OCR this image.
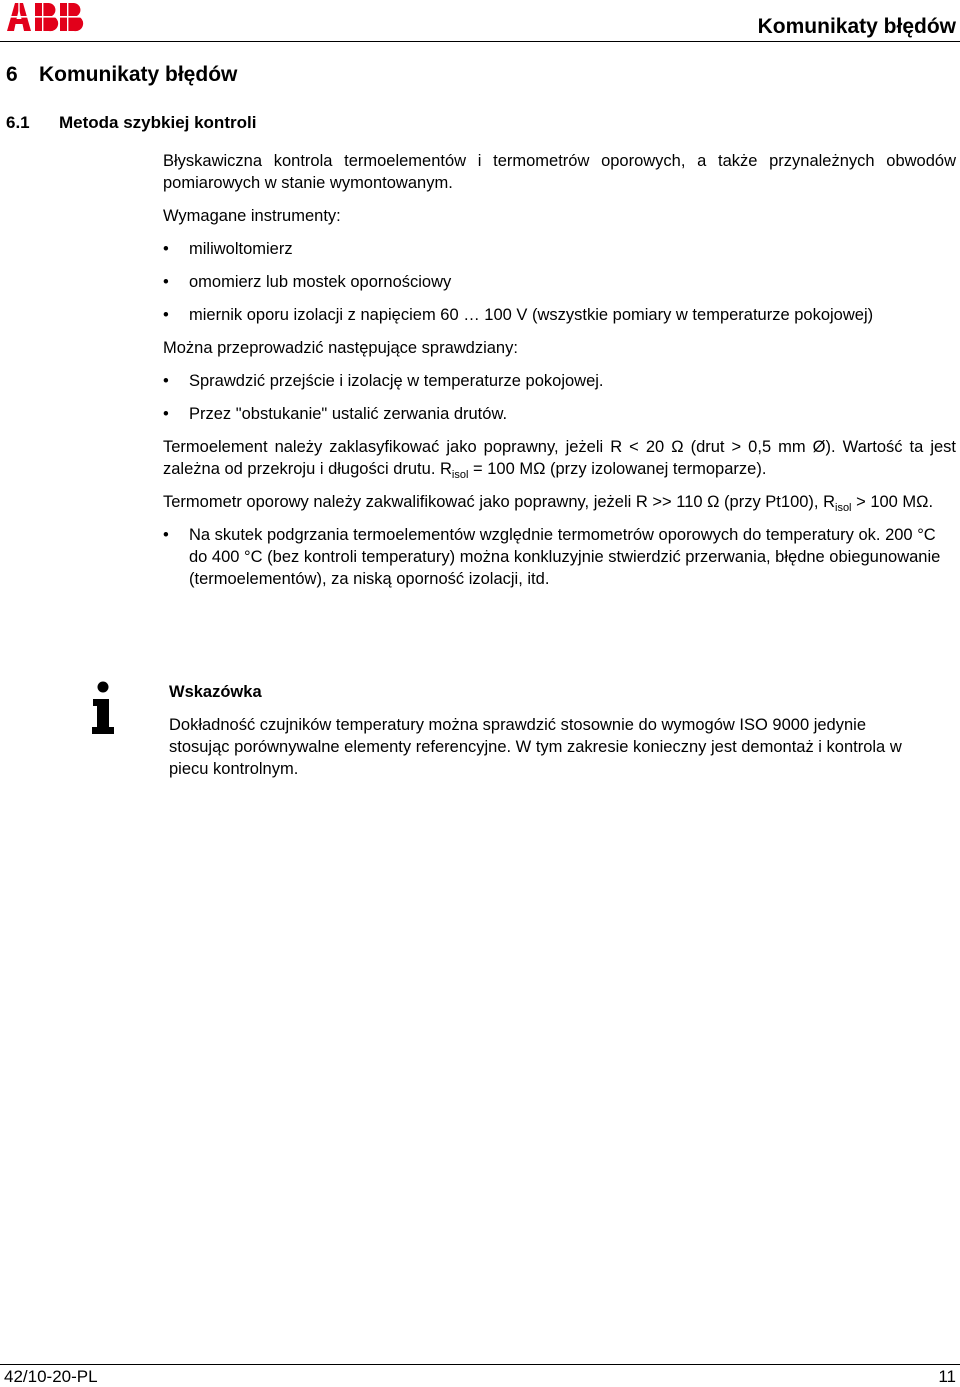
Komunikaty błędów
6 Komunikaty błędów
6.1 Metoda szybkiej kontroli

Błyskawiczna kontrola termoelementów i termometrów oporowych, a także przynależnych obwodów pomiarowych w stanie wymontowanym.

Wymagane instrumenty:

• miliwoltomierz

• omomierz lub mostek opornościowy

• miernik oporu izolacji z napięciem 60 … 100 V (wszystkie pomiary w temperaturze pokojowej)

Można przeprowadzić następujące sprawdziany:

• Sprawdzić przejście i izolację w temperaturze pokojowej.

• Przez "obstukanie" ustalić zerwania drutów.

Termoelement należy zaklasyfikować jako poprawny, jeżeli R < 20 Ω (drut > 0,5 mm Ø). Wartość ta jest zależna od przekroju i długości drutu. $R_{isol} = 100$ MΩ (przy izolowanej termoparze).

Termometr oporowy należy zakwalifikować jako poprawny, jeżeli R >> 110 Ω (przy Pt100), $R_{isol} > 100$ MΩ.

• Na skutek podgrzania termoelementów względnie termometrów oporowych do temperatury ok. 200 °C do 400 °C (bez kontroli temperatury) można konkluzyjnie stwierdzić przerwania, błędne obiegunowanie (termoelementów), za niską oporność izolacji, itd.

Wskazówka

Dokładność czujników temperatury można sprawdzić stosownie do wymogów ISO 9000 jedynie stosując porównywalne elementy referencyjne. W tym zakresie konieczny jest demontaż i kontrola w piecu kontrolnym.

42/10-20-PL	11
